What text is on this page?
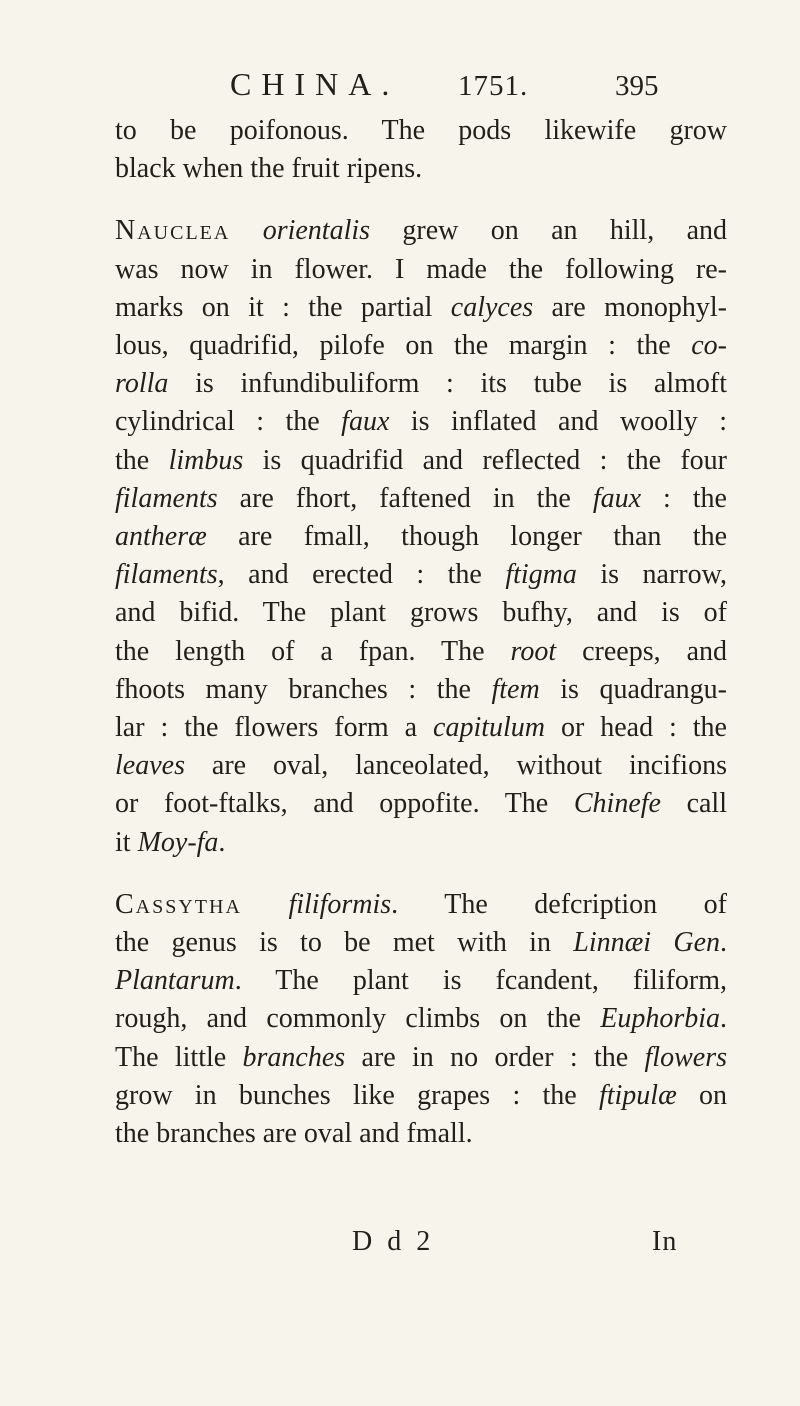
CHINA. 1751.	395
to be poifonous. The pods likewife grow
black when the fruit ripens.
Nauclea orientalis grew on an hill, and
was now in flower. I made the following re-
marks on it : the partial calyces are monophyl-
lous, quadrifid, pilofe on the margin : the co-
rolla is infundibuliform : its tube is almoft
cylindrical : the faux is inflated and woolly :
the limbus is quadrifid and reflected : the four
filaments are fhort, faftened in the faux : the
antheræ are fmall, though longer than the
filaments, and erected : the ftigma is narrow,
and bifid. The plant grows bufhy, and is of
the length of a fpan. The root creeps, and
fhoots many branches : the ftem is quadrangu-
lar : the flowers form a capitulum or head : the
leaves are oval, lanceolated, without incifions
or foot-ftalks, and oppofite. The Chinefe call
it Moy-fa.
Cassytha filiformis. The defcription of
the genus is to be met with in Linnæi Gen.
Plantarum. The plant is fcandent, filiform,
rough, and commonly climbs on the Euphorbia.
The little branches are in no order : the flowers
grow in bunches like grapes : the ftipulæ on
the branches are oval and fmall.
D d 2	In
